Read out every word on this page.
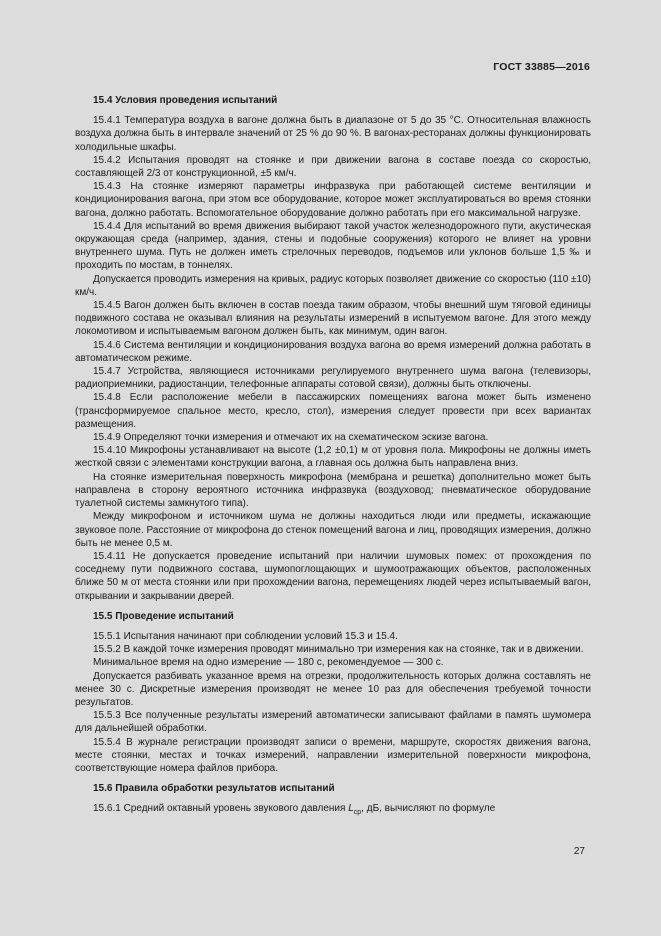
ГОСТ 33885—2016
15.4 Условия проведения испытаний

15.4.1 Температура воздуха в вагоне должна быть в диапазоне от 5 до 35 °С. Относительная влажность воздуха должна быть в интервале значений от 25 % до 90 %. В вагонах-ресторанах должны функционировать холодильные шкафы.

15.4.2 Испытания проводят на стоянке и при движении вагона в составе поезда со скоростью, составляющей 2/3 от конструкционной, ±5 км/ч.

15.4.3 На стоянке измеряют параметры инфразвука при работающей системе вентиляции и кондиционирования вагона, при этом все оборудование, которое может эксплуатироваться во время стоянки вагона, должно работать. Вспомогательное оборудование должно работать при его максимальной нагрузке.

15.4.4 Для испытаний во время движения выбирают такой участок железнодорожного пути, акустическая окружающая среда (например, здания, стены и подобные сооружения) которого не влияет на уровни внутреннего шума. Путь не должен иметь стрелочных переводов, подъемов или уклонов больше 1,5 ‰ и проходить по мостам, в тоннелях.

Допускается проводить измерения на кривых, радиус которых позволяет движение со скоростью (110 ±10) км/ч.

15.4.5 Вагон должен быть включен в состав поезда таким образом, чтобы внешний шум тяговой единицы подвижного состава не оказывал влияния на результаты измерений в испытуемом вагоне. Для этого между локомотивом и испытываемым вагоном должен быть, как минимум, один вагон.

15.4.6 Система вентиляции и кондиционирования воздуха вагона во время измерений должна работать в автоматическом режиме.

15.4.7 Устройства, являющиеся источниками регулируемого внутреннего шума вагона (телевизоры, радиоприемники, радиостанции, телефонные аппараты сотовой связи), должны быть отключены.

15.4.8 Если расположение мебели в пассажирских помещениях вагона может быть изменено (трансформируемое спальное место, кресло, стол), измерения следует провести при всех вариантах размещения.

15.4.9 Определяют точки измерения и отмечают их на схематическом эскизе вагона.

15.4.10 Микрофоны устанавливают на высоте (1,2 ±0,1) м от уровня пола. Микрофоны не должны иметь жесткой связи с элементами конструкции вагона, а главная ось должна быть направлена вниз.

На стоянке измерительная поверхность микрофона (мембрана и решетка) дополнительно может быть направлена в сторону вероятного источника инфразвука (воздуховод; пневматическое оборудование туалетной системы замкнутого типа).

Между микрофоном и источником шума не должны находиться люди или предметы, искажающие звуковое поле. Расстояние от микрофона до стенок помещений вагона и лиц, проводящих измерения, должно быть не менее 0,5 м.

15.4.11 Не допускается проведение испытаний при наличии шумовых помех: от прохождения по соседнему пути подвижного состава, шумопоглощающих и шумоотражающих объектов, расположенных ближе 50 м от места стоянки или при прохождении вагона, перемещениях людей через испытываемый вагон, открывании и закрывании дверей.

15.5 Проведение испытаний

15.5.1 Испытания начинают при соблюдении условий 15.3 и 15.4.

15.5.2 В каждой точке измерения проводят минимально три измерения как на стоянке, так и в движении.

Минимальное время на одно измерение — 180 с, рекомендуемое — 300 с.

Допускается разбивать указанное время на отрезки, продолжительность которых должна составлять не менее 30 с. Дискретные измерения производят не менее 10 раз для обеспечения требуемой точности результатов.

15.5.3 Все полученные результаты измерений автоматически записывают файлами в память шумомера для дальнейшей обработки.

15.5.4 В журнале регистрации производят записи о времени, маршруте, скоростях движения вагона, месте стоянки, местах и точках измерений, направлении измерительной поверхности микрофона, соответствующие номера файлов прибора.

15.6 Правила обработки результатов испытаний

15.6.1 Средний октавный уровень звукового давления $L_{ср}$, дБ, вычисляют по формуле

27
